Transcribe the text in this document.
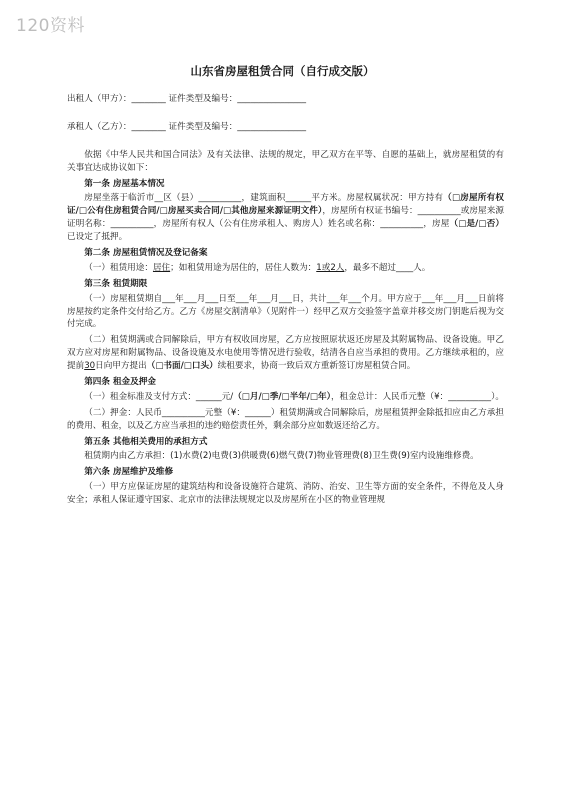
120资料
山东省房屋租赁合同（自行成交版）
出租人（甲方）：________ 证件类型及编号：________________
承租人（乙方）：________ 证件类型及编号：________________
依据《中华人民共和国合同法》及有关法律、法规的规定，甲乙双方在平等、自愿的基础上，就房屋租赁的有关事宜达成协议如下：
第一条 房屋基本情况
房屋坐落于临沂市__区（县）__________，建筑面积______平方米。房屋权属状况：甲方持有（□房屋所有权证/□公有住房租赁合同/□房屋买卖合同/□其他房屋来源证明文件），房屋所有权证书编号：__________或房屋来源证明名称：__________，房屋所有权人（公有住房承租人、购房人）姓名或名称：__________，房屋（□是/□否）已设定了抵押。
第二条 房屋租赁情况及登记备案
（一）租赁用途：居住；如租赁用途为居住的，居住人数为：1或2人，最多不超过____人。
第三条 租赁期限
（一）房屋租赁期自___年___月___日至___年___月___日，共计___年___个月。甲方应于___年___月___日前将房屋按约定条件交付给乙方。乙方《房屋交割清单》（见附件一）经甲乙双方交验签字盖章并移交房门钥匙后视为交付完成。
（二）租赁期满或合同解除后，甲方有权收回房屋，乙方应按照原状返还房屋及其附属物品、设备设施。甲乙双方应对房屋和附属物品、设备设施及水电使用等情况进行验收，结清各自应当承担的费用。乙方继续承租的，应提前30日向甲方提出（□书面/□口头）续租要求，协商一致后双方重新签订房屋租赁合同。
第四条 租金及押金
（一）租金标准及支付方式：______元/（□月/□季/□半年/□年），租金总计：人民币元整（¥：__________）。
（二）押金：人民币__________元整（¥：______）租赁期满或合同解除后，房屋租赁押金除抵扣应由乙方承担的费用、租金，以及乙方应当承担的违约赔偿责任外，剩余部分应如数返还给乙方。
第五条 其他相关费用的承担方式
租赁期内由乙方承担：(1)水费(2)电费(3)供暖费(6)燃气费(7)物业管理费(8)卫生费(9)室内设施维修费。
第六条 房屋维护及维修
（一）甲方应保证房屋的建筑结构和设备设施符合建筑、消防、治安、卫生等方面的安全条件，不得危及人身安全；承租人保证遵守国家、北京市的法律法规规定以及房屋所在小区的物业管理规
